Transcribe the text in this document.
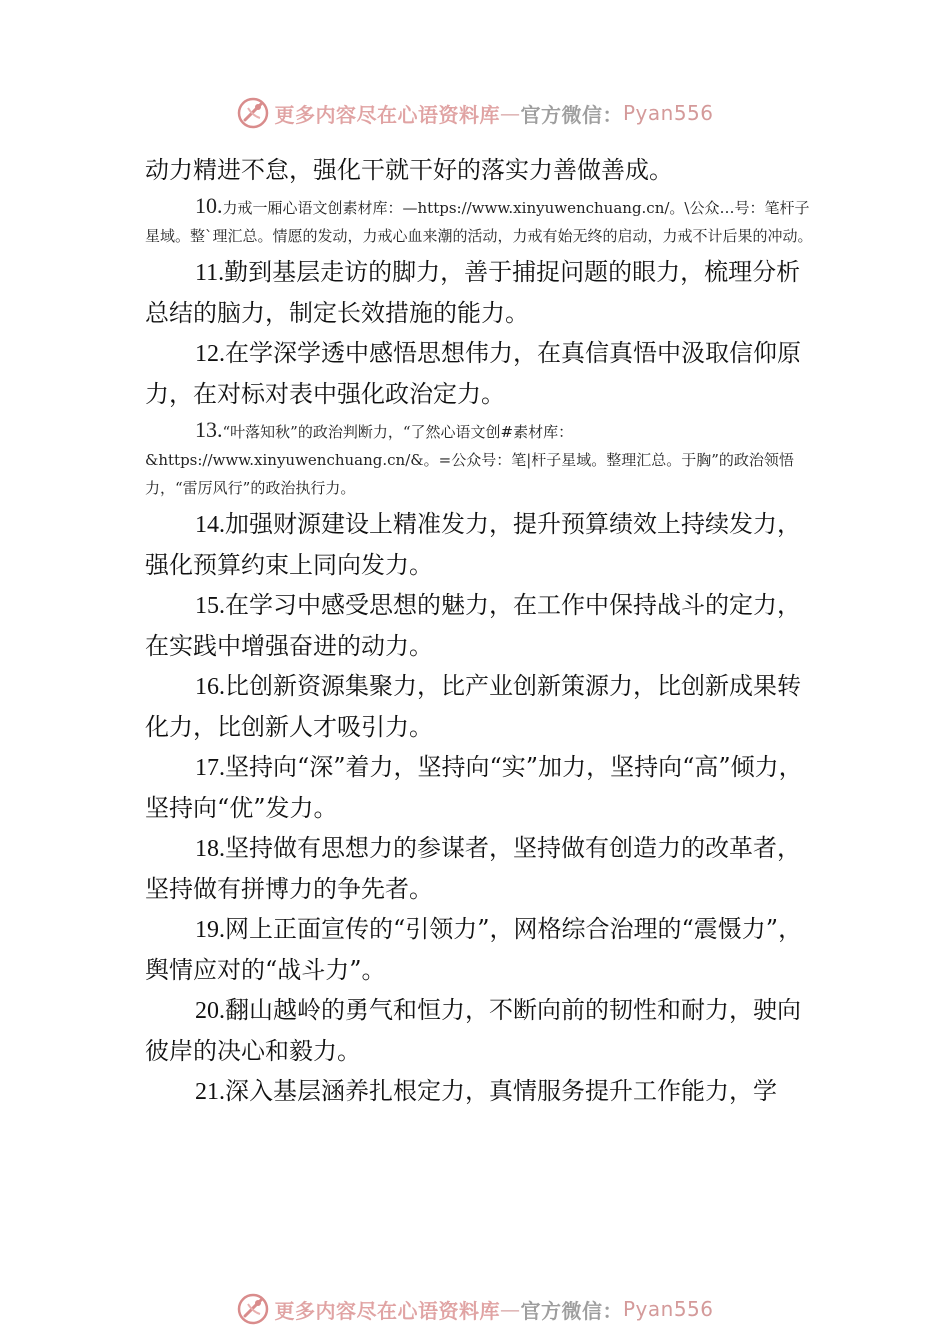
更多内容尽在心语资料库 — 官方微信： Pyan556

动力精进不怠，强化干就干好的落实力善做善成。

10.力戒一厢心语文创素材库：—https://www.xinyuwenchuang.cn/。\公众…号：笔杆子星域。整`理汇总。情愿的发动，力戒心血来潮的活动，力戒有始无终的启动，力戒不计后果的冲动。

11.勤到基层走访的脚力，善于捕捉问题的眼力，梳理分析总结的脑力，制定长效措施的能力。

12.在学深学透中感悟思想伟力，在真信真悟中汲取信仰原力，在对标对表中强化政治定力。

13.“叶落知秋”的政治判断力，“了然心语文创#素材库：&https://www.xinyuwenchuang.cn/&。=公众号：笔|杆子星域。整理汇总。于胸”的政治领悟力，“雷厉风行”的政治执行力。

14.加强财源建设上精准发力，提升预算绩效上持续发力，强化预算约束上同向发力。

15.在学习中感受思想的魅力，在工作中保持战斗的定力，在实践中增强奋进的动力。

16.比创新资源集聚力，比产业创新策源力，比创新成果转化力，比创新人才吸引力。

17.坚持向“深”着力，坚持向“实”加力，坚持向“高”倾力，坚持向“优”发力。

18.坚持做有思想力的参谋者，坚持做有创造力的改革者，坚持做有拼博力的争先者。

19.网上正面宣传的“引领力”，网格综合治理的“震慑力”，舆情应对的“战斗力”。

20.翻山越岭的勇气和恒力，不断向前的韧性和耐力，驶向彼岸的决心和毅力。

21.深入基层涵养扎根定力，真情服务提升工作能力，学

更多内容尽在心语资料库 — 官方微信： Pyan556
